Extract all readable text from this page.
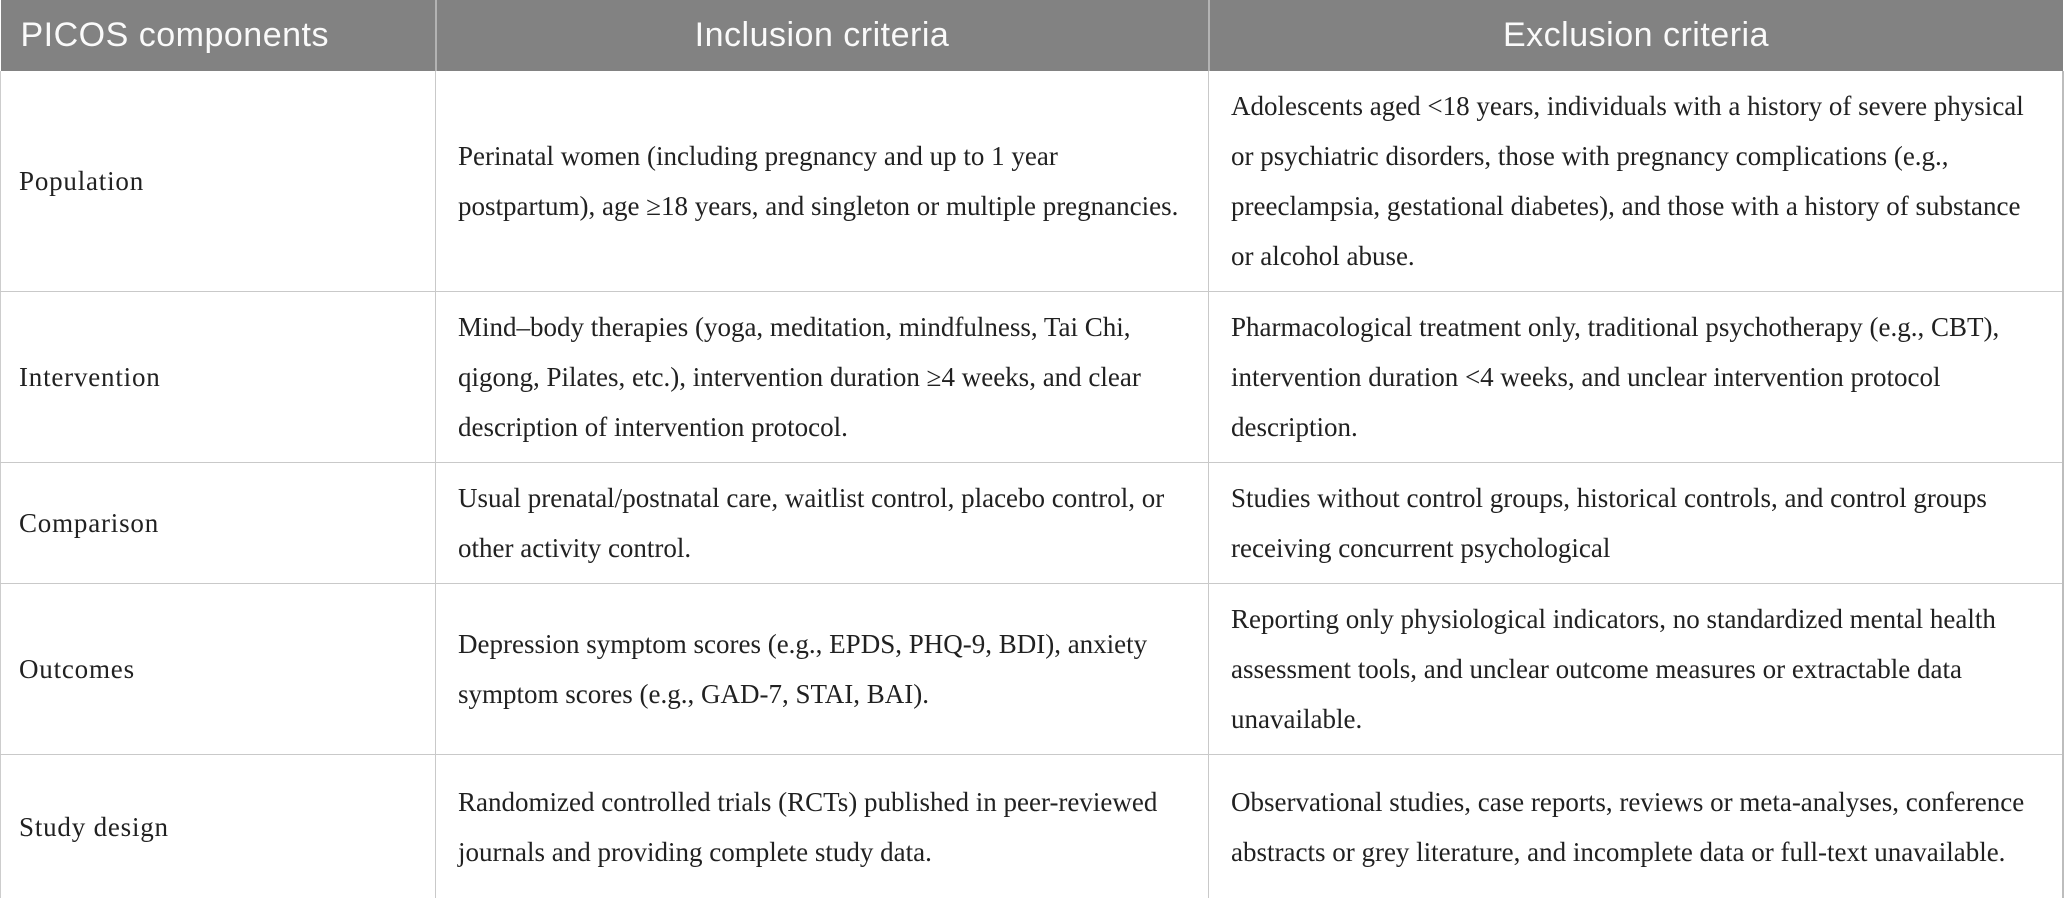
PICOS components	Inclusion criteria	Exclusion criteria
Population	Perinatal women (including pregnancy and up to 1 year postpartum), age ≥18 years, and singleton or multiple pregnancies.	Adolescents aged <18 years, individuals with a history of severe physical or psychiatric disorders, those with pregnancy complications (e.g., preeclampsia, gestational diabetes), and those with a history of substance or alcohol abuse.
Intervention	Mind–body therapies (yoga, meditation, mindfulness, Tai Chi, qigong, Pilates, etc.), intervention duration ≥4 weeks, and clear description of intervention protocol.	Pharmacological treatment only, traditional psychotherapy (e.g., CBT), intervention duration <4 weeks, and unclear intervention protocol description.
Comparison	Usual prenatal/postnatal care, waitlist control, placebo control, or other activity control.	Studies without control groups, historical controls, and control groups receiving concurrent psychological
Outcomes	Depression symptom scores (e.g., EPDS, PHQ-9, BDI), anxiety symptom scores (e.g., GAD-7, STAI, BAI).	Reporting only physiological indicators, no standardized mental health assessment tools, and unclear outcome measures or extractable data unavailable.
Study design	Randomized controlled trials (RCTs) published in peer-reviewed journals and providing complete study data.	Observational studies, case reports, reviews or meta-analyses, conference abstracts or grey literature, and incomplete data or full-text unavailable.
